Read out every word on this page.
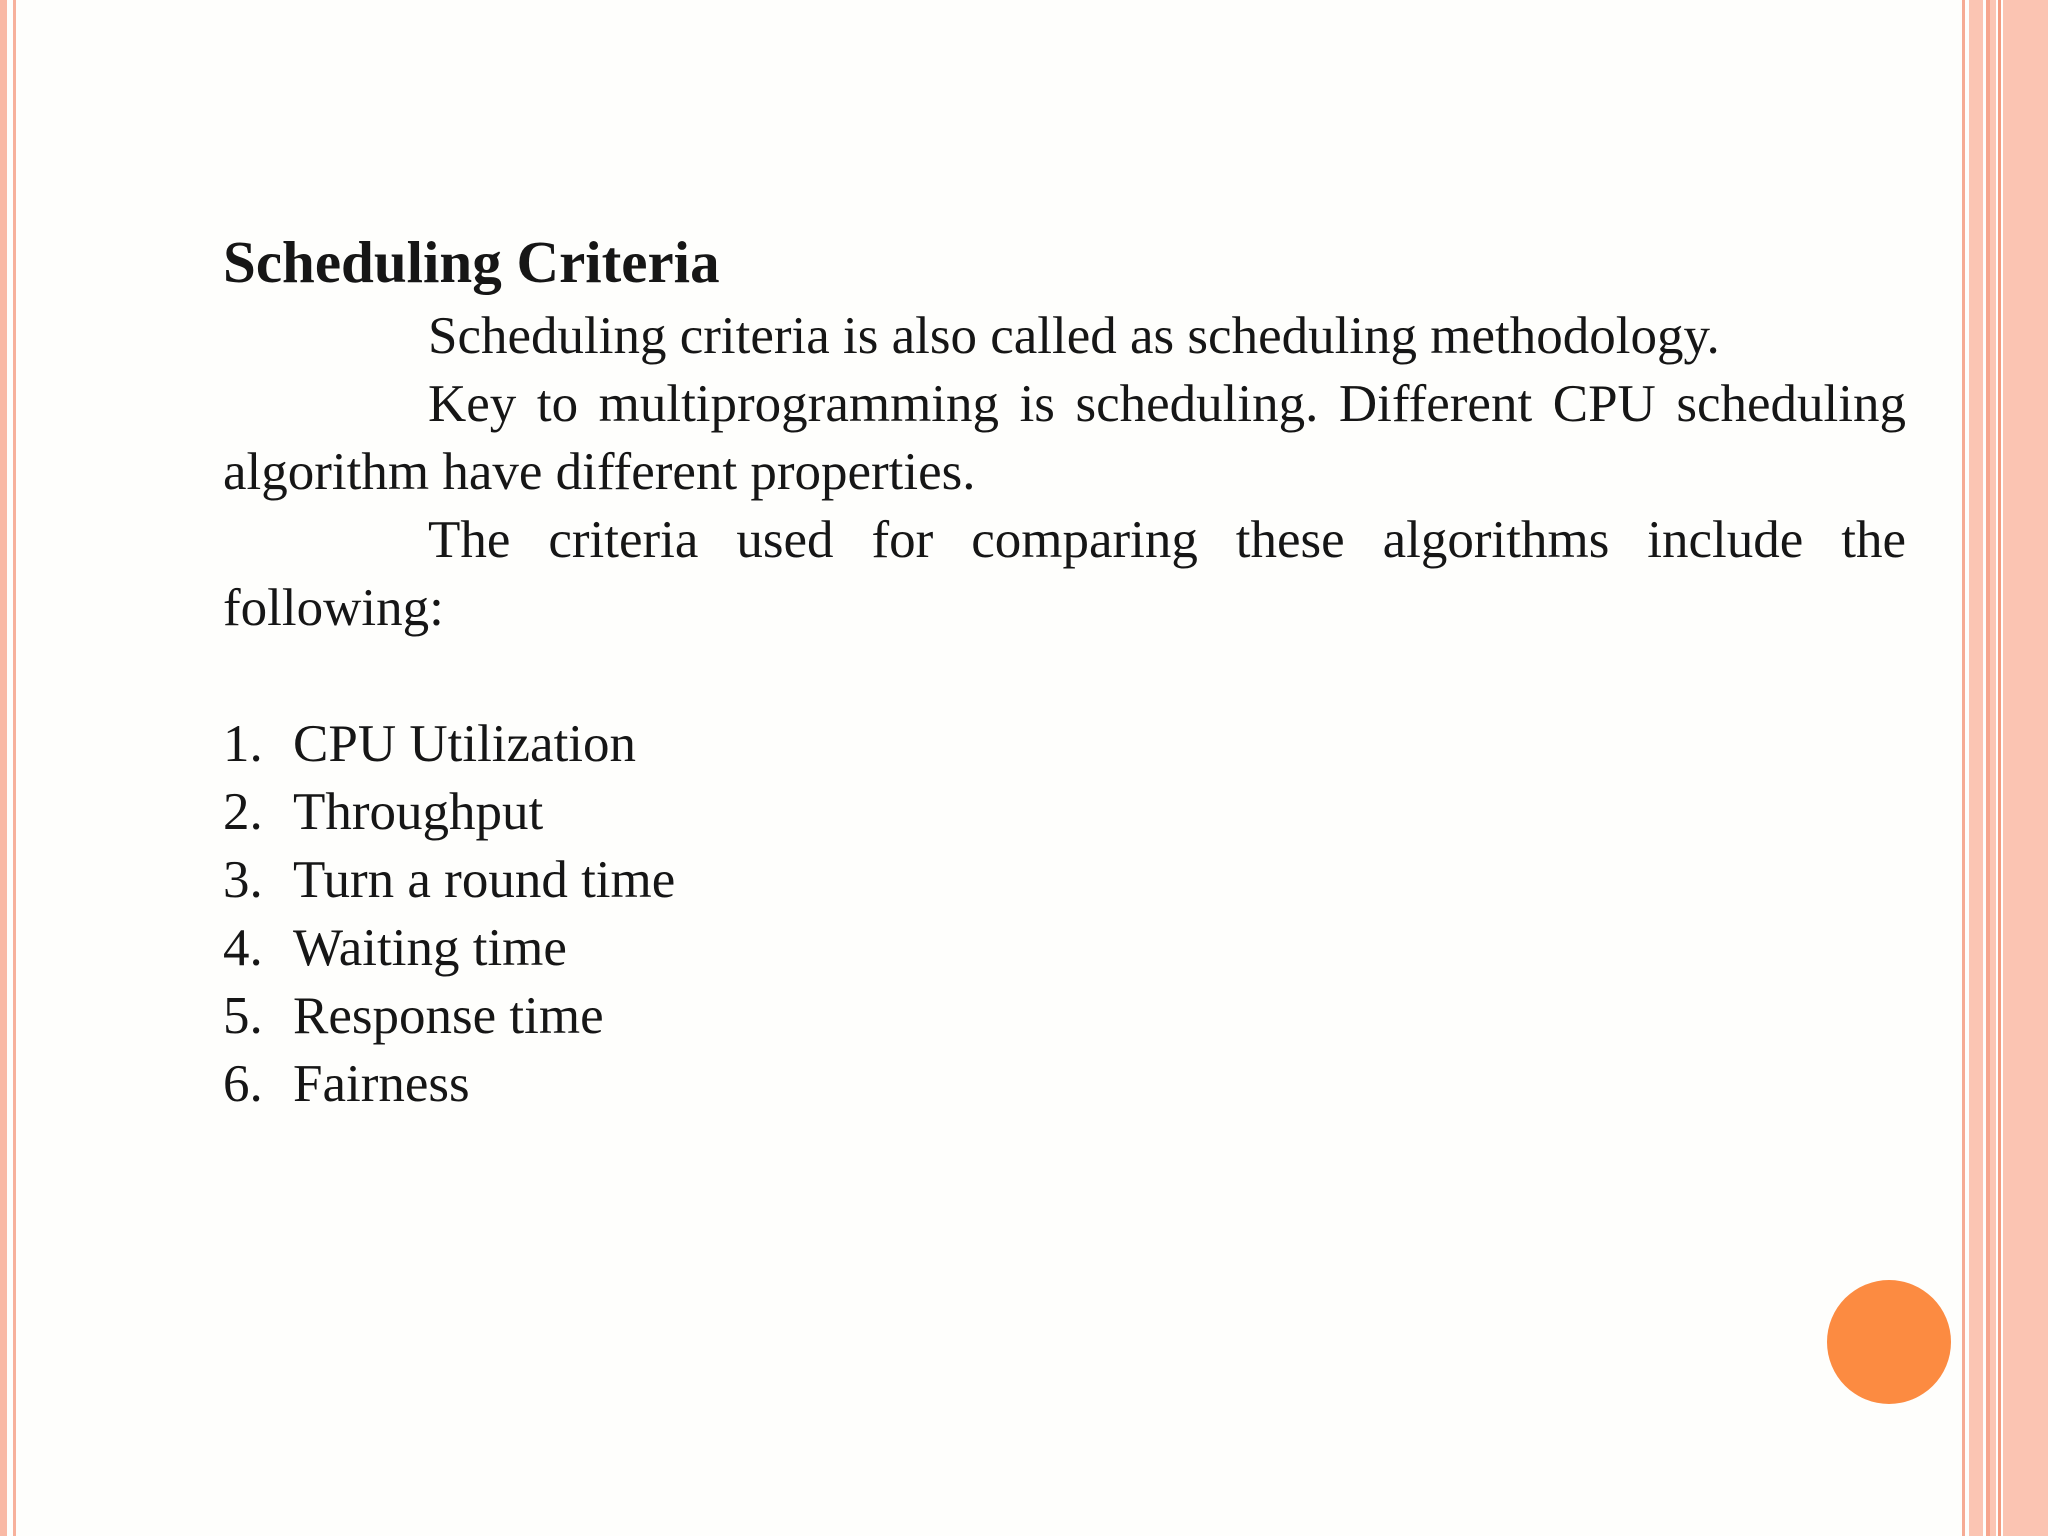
Scheduling Criteria

Scheduling criteria is also called as scheduling methodology.

Key to multiprogramming is scheduling. Different CPU scheduling algorithm have different properties.

The criteria used for comparing these algorithms include the following:

1. CPU Utilization
2. Throughput
3. Turn a round time
4. Waiting time
5. Response time
6. Fairness
